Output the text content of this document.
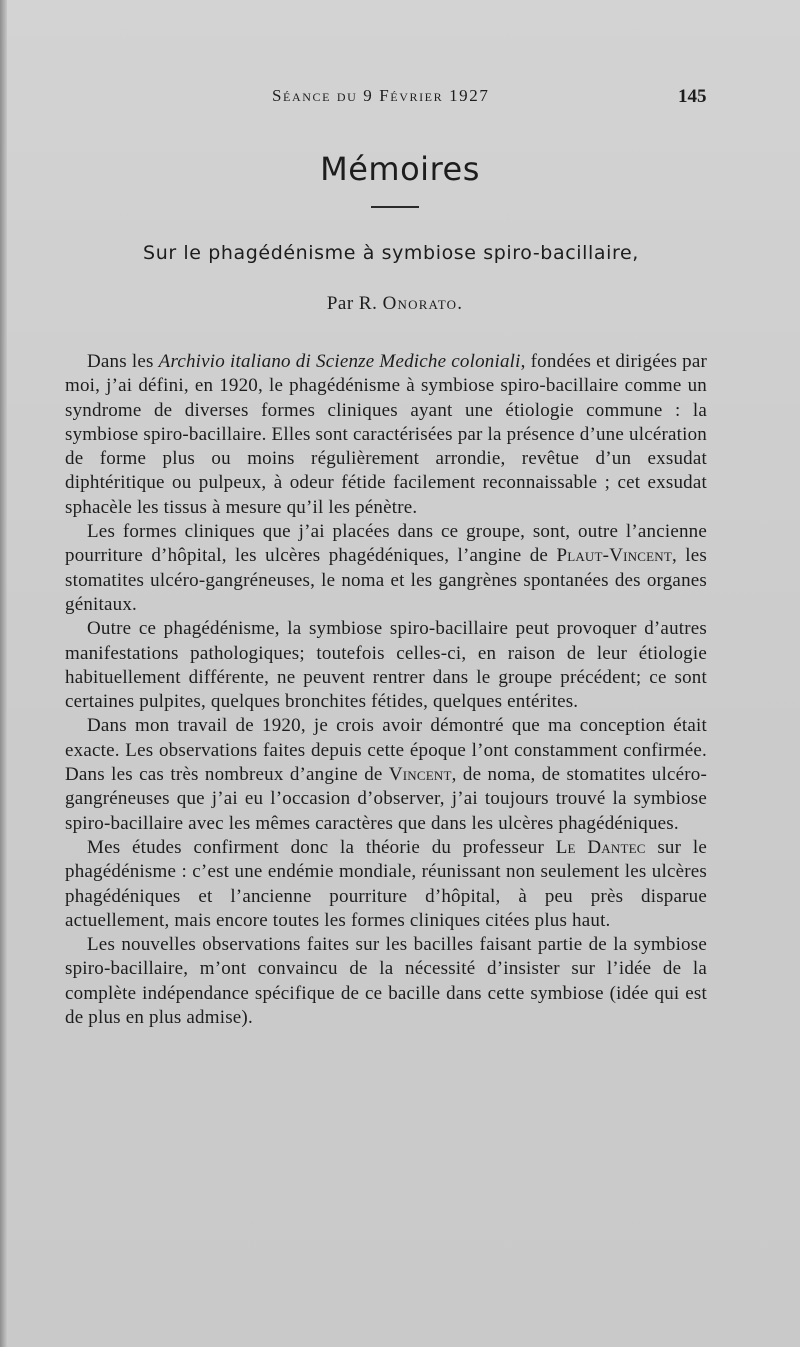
Séance du 9 Février 1927	145
Mémoires
Sur le phagédénisme à symbiose spiro-bacillaire,
Par R. Onorato.

Dans les Archivio italiano di Scienze Mediche coloniali, fondées et dirigées par moi, j’ai défini, en 1920, le phagédénisme à symbiose spiro-bacillaire comme un syndrome de diverses formes cliniques ayant une étiologie commune : la symbiose spiro-bacillaire. Elles sont caractérisées par la présence d’une ulcération de forme plus ou moins régulièrement arrondie, revêtue d’un exsudat diphtéritique ou pulpeux, à odeur fétide facilement reconnaissable ; cet exsudat sphacèle les tissus à mesure qu’il les pénètre.

Les formes cliniques que j’ai placées dans ce groupe, sont, outre l’ancienne pourriture d’hôpital, les ulcères phagédéniques, l’angine de Plaut-Vincent, les stomatites ulcéro-gangréneuses, le noma et les gangrènes spontanées des organes génitaux.

Outre ce phagédénisme, la symbiose spiro-bacillaire peut provoquer d’autres manifestations pathologiques; toutefois celles-ci, en raison de leur étiologie habituellement différente, ne peuvent rentrer dans le groupe précédent; ce sont certaines pulpites, quelques bronchites fétides, quelques entérites.

Dans mon travail de 1920, je crois avoir démontré que ma conception était exacte. Les observations faites depuis cette époque l’ont constamment confirmée. Dans les cas très nombreux d’angine de Vincent, de noma, de stomatites ulcéro-gangréneuses que j’ai eu l’occasion d’observer, j’ai toujours trouvé la symbiose spiro-bacillaire avec les mêmes caractères que dans les ulcères phagédéniques.

Mes études confirment donc la théorie du professeur Le Dantec sur le phagédénisme : c’est une endémie mondiale, réunissant non seulement les ulcères phagédéniques et l’ancienne pourriture d’hôpital, à peu près disparue actuellement, mais encore toutes les formes cliniques citées plus haut.

Les nouvelles observations faites sur les bacilles faisant partie de la symbiose spiro-bacillaire, m’ont convaincu de la nécessité d’insister sur l’idée de la complète indépendance spécifique de ce bacille dans cette symbiose (idée qui est de plus en plus admise).
